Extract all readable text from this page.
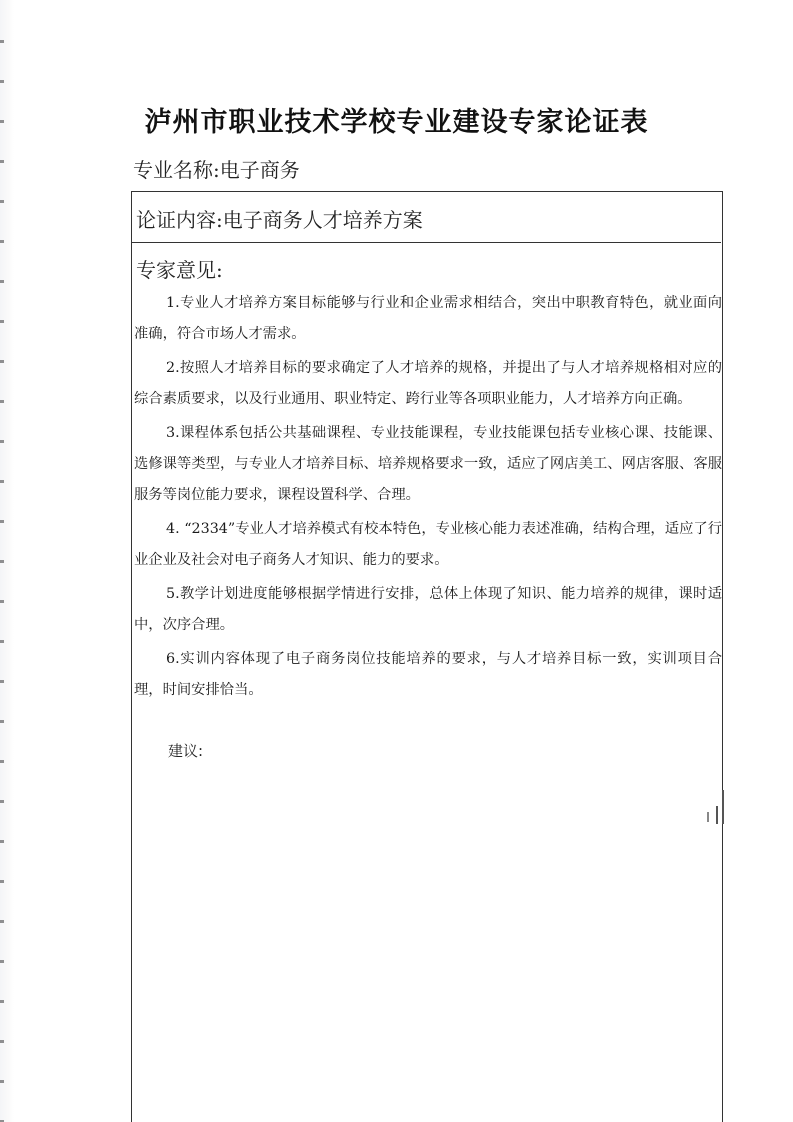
泸州市职业技术学校专业建设专家论证表
专业名称:电子商务
论证内容:电子商务人才培养方案
专家意见:

1.专业人才培养方案目标能够与行业和企业需求相结合，突出中职教育特色，就业面向准确，符合市场人才需求。

2.按照人才培养目标的要求确定了人才培养的规格，并提出了与人才培养规格相对应的综合素质要求，以及行业通用、职业特定、跨行业等各项职业能力，人才培养方向正确。

3.课程体系包括公共基础课程、专业技能课程，专业技能课包括专业核心课、技能课、选修课等类型，与专业人才培养目标、培养规格要求一致，适应了网店美工、网店客服、客服服务等岗位能力要求，课程设置科学、合理。

4. “2334”专业人才培养模式有校本特色，专业核心能力表述准确，结构合理，适应了行业企业及社会对电子商务人才知识、能力的要求。

5.教学计划进度能够根据学情进行安排，总体上体现了知识、能力培养的规律，课时适中，次序合理。

6.实训内容体现了电子商务岗位技能培养的要求，与人才培养目标一致，实训项目合理，时间安排恰当。

建议:
